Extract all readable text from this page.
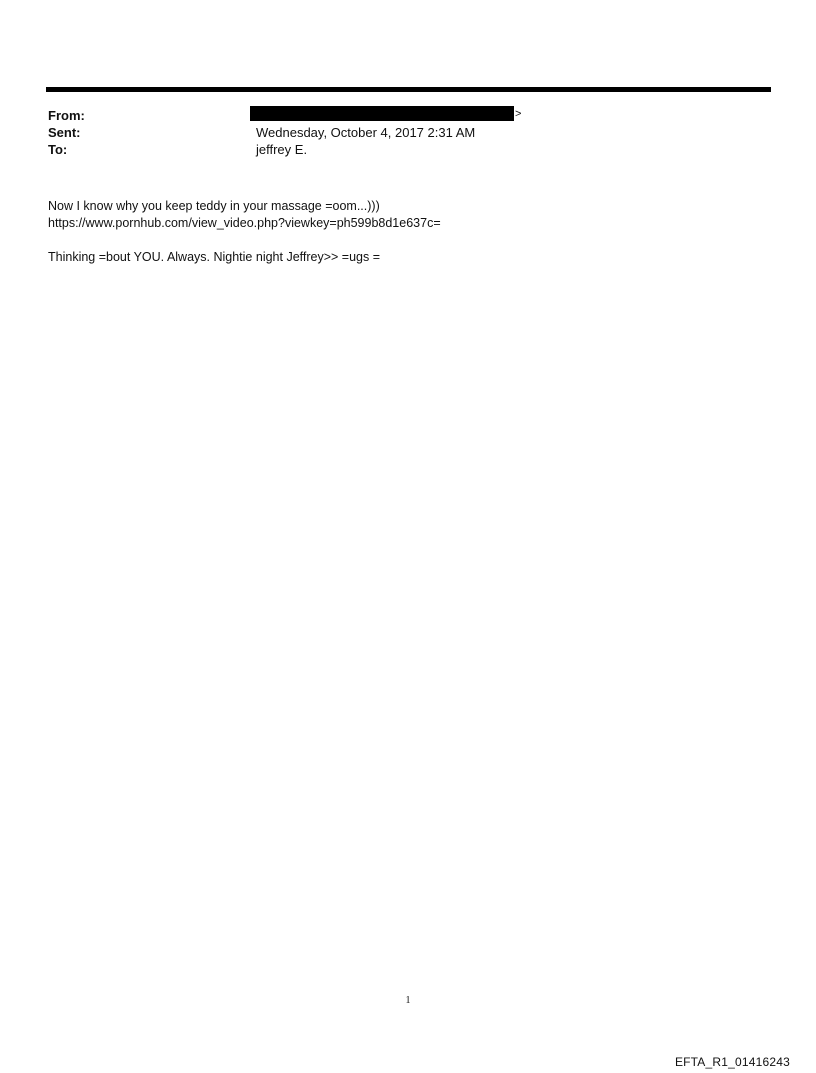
From:	>
Sent:	Wednesday, October 4, 2017 2:31 AM
To:	jeffrey E.
Now I know why you keep teddy in your massage =oom...)))
https://www.pornhub.com/view_video.php?viewkey=ph599b8d1e637c=
Thinking =bout YOU. Always. Nightie night Jeffrey>> =ugs =
1
EFTA_R1_01416243
